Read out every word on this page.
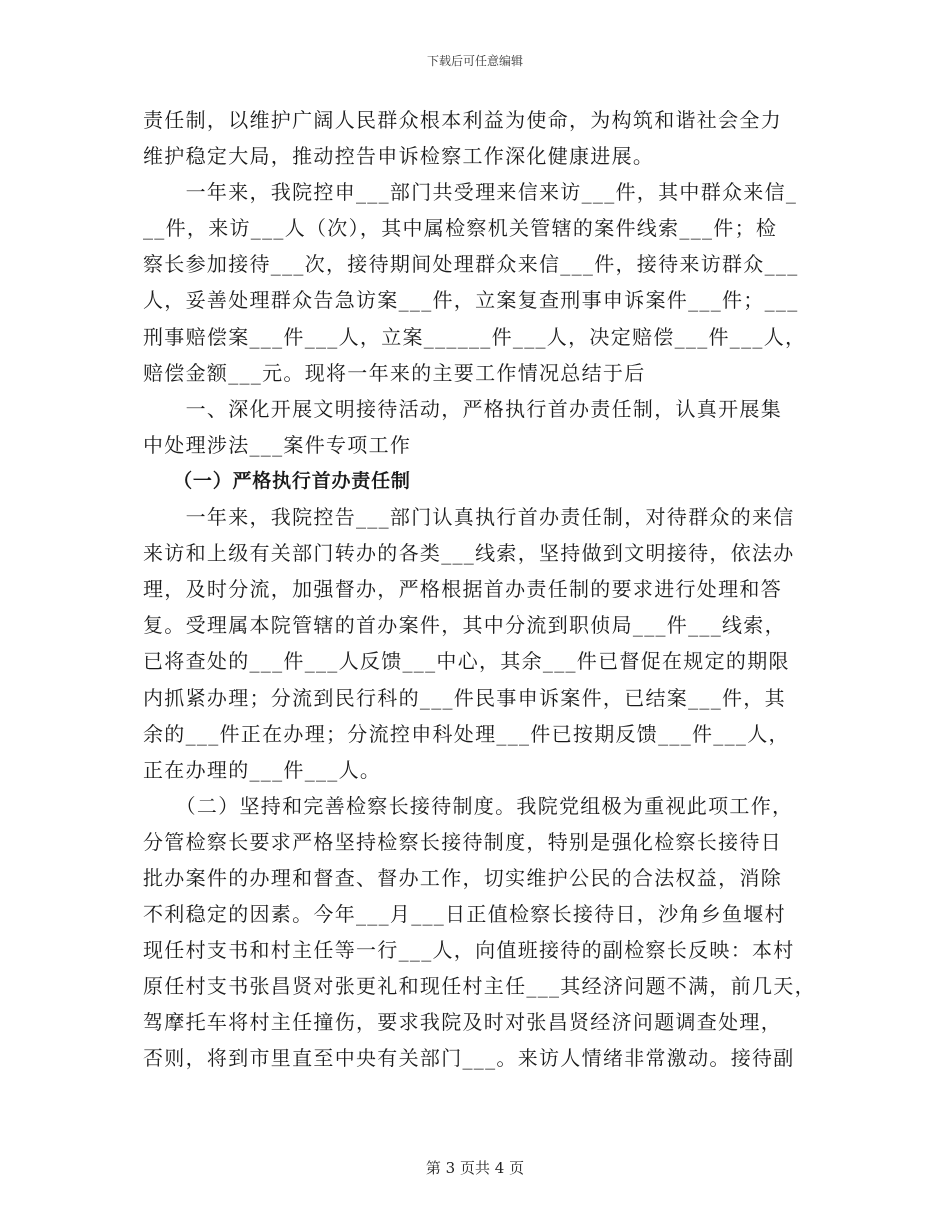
下载后可任意编辑
责任制，以维护广阔人民群众根本利益为使命，为构筑和谐社会全力
维护稳定大局，推动控告申诉检察工作深化健康进展。
　　一年来，我院控申___部门共受理来信来访___件，其中群众来信_
__件，来访___人（次），其中属检察机关管辖的案件线索___件；检
察长参加接待___次，接待期间处理群众来信___件，接待来访群众___
人，妥善处理群众告急访案___件，立案复查刑事申诉案件___件；___
刑事赔偿案___件___人，立案______件___人，决定赔偿___件___人，
赔偿金额___元。现将一年来的主要工作情况总结于后
　　一、深化开展文明接待活动，严格执行首办责任制，认真开展集
中处理涉法___案件专项工作
　　（一）严格执行首办责任制
　　一年来，我院控告___部门认真执行首办责任制，对待群众的来信
来访和上级有关部门转办的各类___线索，坚持做到文明接待，依法办
理，及时分流，加强督办，严格根据首办责任制的要求进行处理和答
复。受理属本院管辖的首办案件，其中分流到职侦局___件___线索，
已将查处的___件___人反馈___中心，其余___件已督促在规定的期限
内抓紧办理；分流到民行科的___件民事申诉案件，已结案___件，其
余的___件正在办理；分流控申科处理___件已按期反馈___件___人，
正在办理的___件___人。
　　（二）坚持和完善检察长接待制度。我院党组极为重视此项工作，
分管检察长要求严格坚持检察长接待制度，特别是强化检察长接待日
批办案件的办理和督查、督办工作，切实维护公民的合法权益，消除
不利稳定的因素。今年___月___日正值检察长接待日，沙角乡鱼堰村
现任村支书和村主任等一行___人，向值班接待的副检察长反映：本村
原任村支书张昌贤对张更礼和现任村主任___其经济问题不满，前几天，
驾摩托车将村主任撞伤，要求我院及时对张昌贤经济问题调查处理，
否则，将到市里直至中央有关部门___。来访人情绪非常激动。接待副
第 3 页共 4 页
